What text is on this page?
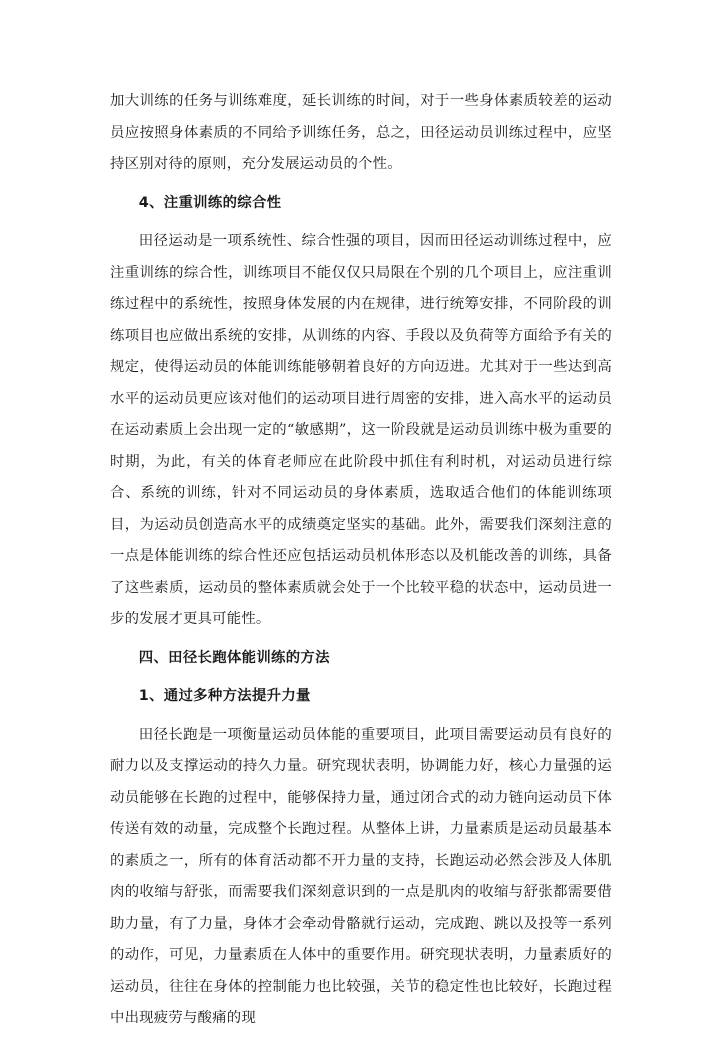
加大训练的任务与训练难度，延长训练的时间，对于一些身体素质较差的运动员应按照身体素质的不同给予训练任务，总之，田径运动员训练过程中，应坚持区别对待的原则，充分发展运动员的个性。

4、注重训练的综合性

田径运动是一项系统性、综合性强的项目，因而田径运动训练过程中，应注重训练的综合性，训练项目不能仅仅只局限在个别的几个项目上，应注重训练过程中的系统性，按照身体发展的内在规律，进行统筹安排，不同阶段的训练项目也应做出系统的安排，从训练的内容、手段以及负荷等方面给予有关的规定，使得运动员的体能训练能够朝着良好的方向迈进。尤其对于一些达到高水平的运动员更应该对他们的运动项目进行周密的安排，进入高水平的运动员在运动素质上会出现一定的“敏感期”，这一阶段就是运动员训练中极为重要的时期，为此，有关的体育老师应在此阶段中抓住有利时机，对运动员进行综合、系统的训练，针对不同运动员的身体素质，选取适合他们的体能训练项目，为运动员创造高水平的成绩奠定坚实的基础。此外，需要我们深刻注意的一点是体能训练的综合性还应包括运动员机体形态以及机能改善的训练，具备了这些素质，运动员的整体素质就会处于一个比较平稳的状态中，运动员进一步的发展才更具可能性。

四、田径长跑体能训练的方法

1、通过多种方法提升力量

田径长跑是一项衡量运动员体能的重要项目，此项目需要运动员有良好的耐力以及支撑运动的持久力量。研究现状表明，协调能力好，核心力量强的运动员能够在长跑的过程中，能够保持力量，通过闭合式的动力链向运动员下体传送有效的动量，完成整个长跑过程。从整体上讲，力量素质是运动员最基本的素质之一，所有的体育活动都不开力量的支持，长跑运动必然会涉及人体肌肉的收缩与舒张，而需要我们深刻意识到的一点是肌肉的收缩与舒张都需要借助力量，有了力量，身体才会牵动骨骼就行运动，完成跑、跳以及投等一系列的动作，可见，力量素质在人体中的重要作用。研究现状表明，力量素质好的运动员，往往在身体的控制能力也比较强，关节的稳定性也比较好，长跑过程中出现疲劳与酸痛的现
